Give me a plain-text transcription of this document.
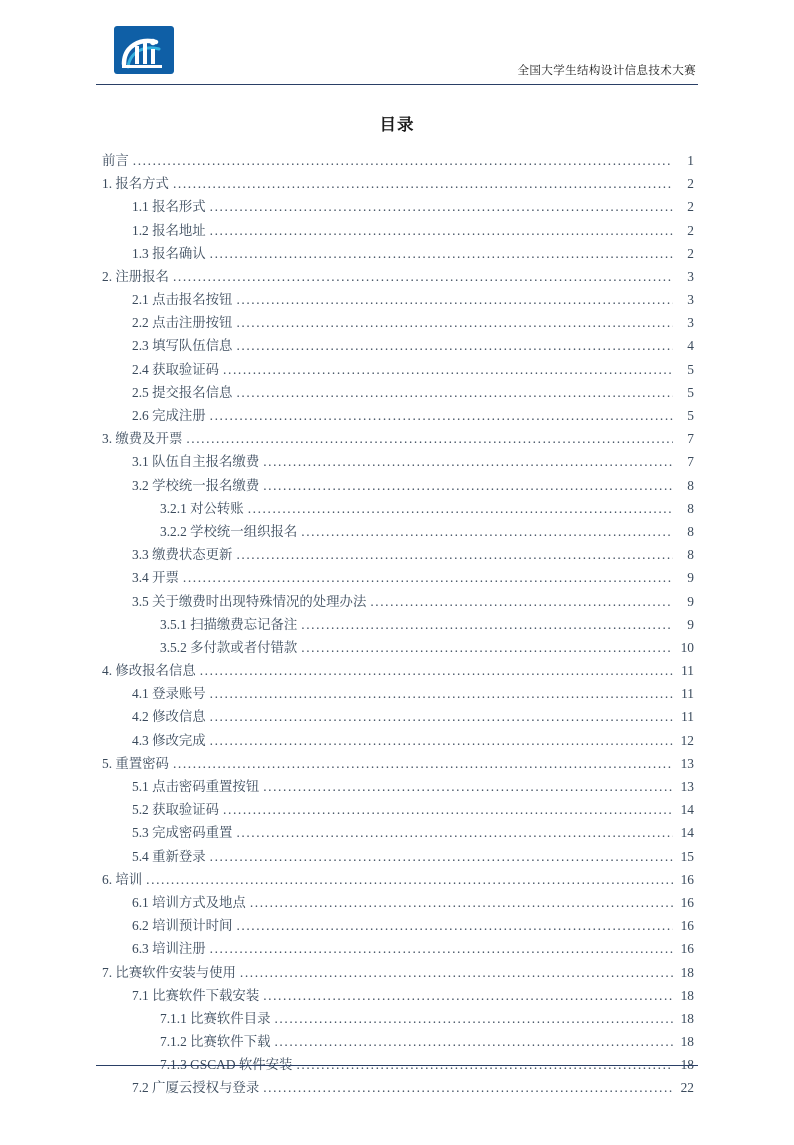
全国大学生结构设计信息技术大赛
目录
前言 .....	1
1. 报名方式 .....	2
1.1 报名形式 .....	2
1.2 报名地址 .....	2
1.3 报名确认 .....	2
2. 注册报名 .....	3
2.1 点击报名按钮 .....	3
2.2 点击注册按钮 .....	3
2.3 填写队伍信息 .....	4
2.4 获取验证码 .....	5
2.5 提交报名信息 .....	5
2.6 完成注册 .....	5
3. 缴费及开票 .....	7
3.1 队伍自主报名缴费 .....	7
3.2 学校统一报名缴费 .....	8
3.2.1 对公转账 .....	8
3.2.2 学校统一组织报名 .....	8
3.3 缴费状态更新 .....	8
3.4 开票 .....	9
3.5 关于缴费时出现特殊情况的处理办法 .....	9
3.5.1 扫描缴费忘记备注 .....	9
3.5.2 多付款或者付错款 .....	10
4. 修改报名信息 .....	11
4.1 登录账号 .....	11
4.2 修改信息 .....	11
4.3 修改完成 .....	12
5. 重置密码 .....	13
5.1 点击密码重置按钮 .....	13
5.2 获取验证码 .....	14
5.3 完成密码重置 .....	14
5.4 重新登录 .....	15
6. 培训 .....	16
6.1 培训方式及地点 .....	16
6.2 培训预计时间 .....	16
6.3 培训注册 .....	16
7. 比赛软件安装与使用 .....	18
7.1 比赛软件下载安装 .....	18
7.1.1 比赛软件目录 .....	18
7.1.2 比赛软件下载 .....	18
7.1.3 GSCAD 软件安装 .....	18
7.2 广厦云授权与登录 .....	22
